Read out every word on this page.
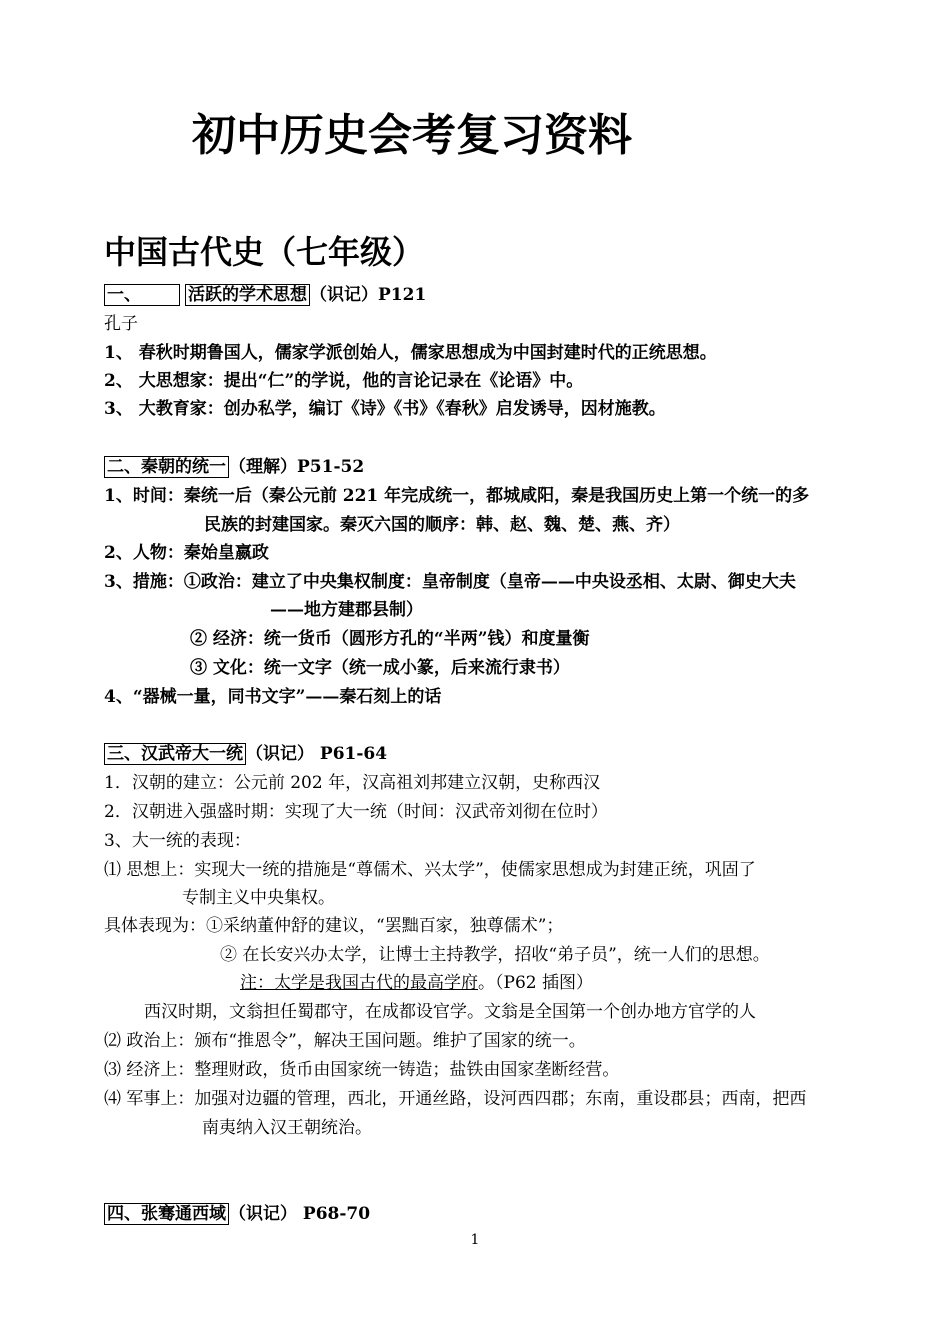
初中历史会考复习资料
中国古代史（七年级）
一、	活跃的学术思想 （识记）P121
孔子
1、 春秋时期鲁国人，儒家学派创始人，儒家思想成为中国封建时代的正统思想。
2、 大思想家：提出“仁”的学说，他的言论记录在《论语》中。
3、 大教育家：创办私学，编订《诗》《书》《春秋》启发诱导，因材施教。
二、秦朝的统一 （理解）P51-52
1、时间：秦统一后（秦公元前 221 年完成统一，都城咸阳，秦是我国历史上第一个统一的多
民族的封建国家。秦灭六国的顺序：韩、赵、魏、楚、燕、齐）
2、人物：秦始皇嬴政
3、措施：①政治：建立了中央集权制度：皇帝制度（皇帝——中央设丞相、太尉、御史大夫
——地方建郡县制）
② 经济：统一货币（圆形方孔的“半两”钱）和度量衡
③ 文化：统一文字（统一成小篆，后来流行隶书）
4、“器械一量，同书文字”——秦石刻上的话
三、汉武帝大一统 （识记） P61-64
1．汉朝的建立：公元前 202 年，汉高祖刘邦建立汉朝，史称西汉
2．汉朝进入强盛时期：实现了大一统（时间：汉武帝刘彻在位时）
3、大一统的表现：
⑴ 思想上：实现大一统的措施是“尊儒术、兴太学”，使儒家思想成为封建正统，巩固了
专制主义中央集权。
具体表现为：①采纳董仲舒的建议，“罢黜百家，独尊儒术”；
② 在长安兴办太学，让博士主持教学，招收“弟子员”，统一人们的思想。
注：太学是我国古代的最高学府。（P62 插图）
西汉时期，文翁担任蜀郡守，在成都设官学。文翁是全国第一个创办地方官学的人
⑵ 政治上：颁布“推恩令”，解决王国问题。维护了国家的统一。
⑶ 经济上：整理财政，货币由国家统一铸造；盐铁由国家垄断经营。
⑷ 军事上：加强对边疆的管理，西北，开通丝路，设河西四郡；东南，重设郡县；西南，把西
南夷纳入汉王朝统治。
四、张骞通西域 （识记） P68-70
1
